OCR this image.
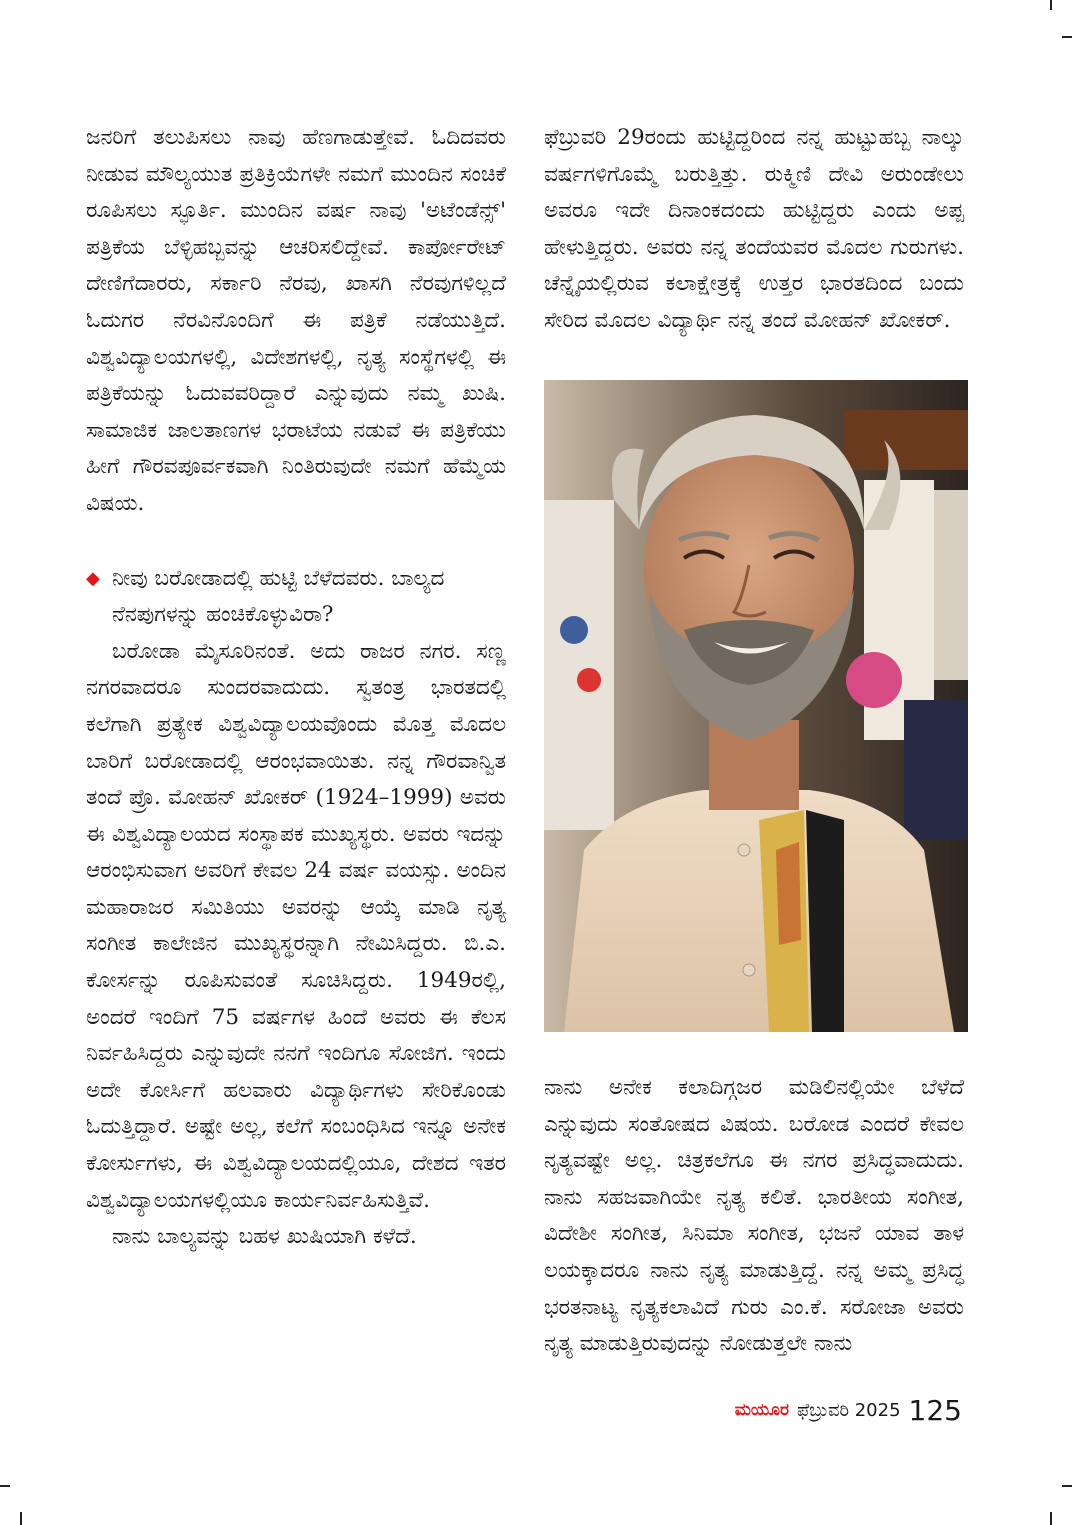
ಜನರಿಗೆ ತಲುಪಿಸಲು ನಾವು ಹೆಣಗಾಡುತ್ತೇವೆ. ಓದಿದವರು ನೀಡುವ ಮೌಲ್ಯಯುತ ಪ್ರತಿಕ್ರಿಯೆಗಳೇ ನಮಗೆ ಮುಂದಿನ ಸಂಚಿಕೆ ರೂಪಿಸಲು ಸ್ಫೂರ್ತಿ. ಮುಂದಿನ ವರ್ಷ ನಾವು 'ಅಟೆಂಡೆನ್ಸ್' ಪತ್ರಿಕೆಯ ಬೆಳ್ಳಿಹಬ್ಬವನ್ನು ಆಚರಿಸಲಿದ್ದೇವೆ. ಕಾರ್ಪೋರೇಟ್ ದೇಣಿಗೆದಾರರು, ಸರ್ಕಾರಿ ನೆರವು, ಖಾಸಗಿ ನೆರವುಗಳಿಲ್ಲದೆ ಓದುಗರ ನೆರವಿನೊಂದಿಗೆ ಈ ಪತ್ರಿಕೆ ನಡೆಯುತ್ತಿದೆ. ವಿಶ್ವವಿದ್ಯಾಲಯಗಳಲ್ಲಿ, ವಿದೇಶಗಳಲ್ಲಿ, ನೃತ್ಯ ಸಂಸ್ಥೆಗಳಲ್ಲಿ ಈ ಪತ್ರಿಕೆಯನ್ನು ಓದುವವರಿದ್ದಾರೆ ಎನ್ನುವುದು ನಮ್ಮ ಖುಷಿ. ಸಾಮಾಜಿಕ ಜಾಲತಾಣಗಳ ಭರಾಟೆಯ ನಡುವೆ ಈ ಪತ್ರಿಕೆಯು ಹೀಗೆ ಗೌರವಪೂರ್ವಕವಾಗಿ ನಿಂತಿರುವುದೇ ನಮಗೆ ಹೆಮ್ಮೆಯ ವಿಷಯ.

◆ ನೀವು ಬರೋಡಾದಲ್ಲಿ ಹುಟ್ಟಿ ಬೆಳೆದವರು. ಬಾಲ್ಯದ ನೆನಪುಗಳನ್ನು ಹಂಚಿಕೊಳ್ಳುವಿರಾ?

ಬರೋಡಾ ಮೈಸೂರಿನಂತೆ. ಅದು ರಾಜರ ನಗರ. ಸಣ್ಣ ನಗರವಾದರೂ ಸುಂದರವಾದುದು. ಸ್ವತಂತ್ರ ಭಾರತದಲ್ಲಿ ಕಲೆಗಾಗಿ ಪ್ರತ್ಯೇಕ ವಿಶ್ವವಿದ್ಯಾಲಯವೊಂದು ಮೊತ್ತ ಮೊದಲ ಬಾರಿಗೆ ಬರೋಡಾದಲ್ಲಿ ಆರಂಭವಾಯಿತು. ನನ್ನ ಗೌರವಾನ್ವಿತ ತಂದೆ ಪ್ರೊ. ಮೋಹನ್ ಖೋಕರ್ (1924–1999) ಅವರು ಈ ವಿಶ್ವವಿದ್ಯಾಲಯದ ಸಂಸ್ಥಾಪಕ ಮುಖ್ಯಸ್ಥರು. ಅವರು ಇದನ್ನು ಆರಂಭಿಸುವಾಗ ಅವರಿಗೆ ಕೇವಲ 24 ವರ್ಷ ವಯಸ್ಸು. ಅಂದಿನ ಮಹಾರಾಜರ ಸಮಿತಿಯು ಅವರನ್ನು ಆಯ್ಕೆ ಮಾಡಿ ನೃತ್ಯ ಸಂಗೀತ ಕಾಲೇಜಿನ ಮುಖ್ಯಸ್ಥರನ್ನಾಗಿ ನೇಮಿಸಿದ್ದರು. ಬಿ.ಎ. ಕೋರ್ಸನ್ನು ರೂಪಿಸುವಂತೆ ಸೂಚಿಸಿದ್ದರು. 1949ರಲ್ಲಿ, ಅಂದರೆ ಇಂದಿಗೆ 75 ವರ್ಷಗಳ ಹಿಂದೆ ಅವರು ಈ ಕೆಲಸ ನಿರ್ವಹಿಸಿದ್ದರು ಎನ್ನುವುದೇ ನನಗೆ ಇಂದಿಗೂ ಸೋಜಿಗ. ಇಂದು ಅದೇ ಕೋರ್ಸಿಗೆ ಹಲವಾರು ವಿದ್ಯಾರ್ಥಿಗಳು ಸೇರಿಕೊಂಡು ಓದುತ್ತಿದ್ದಾರೆ. ಅಷ್ಟೇ ಅಲ್ಲ, ಕಲೆಗೆ ಸಂಬಂಧಿಸಿದ ಇನ್ನೂ ಅನೇಕ ಕೋರ್ಸುಗಳು, ಈ ವಿಶ್ವವಿದ್ಯಾಲಯದಲ್ಲಿಯೂ, ದೇಶದ ಇತರ ವಿಶ್ವವಿದ್ಯಾಲಯಗಳಲ್ಲಿಯೂ ಕಾರ್ಯನಿರ್ವಹಿಸುತ್ತಿವೆ.

ನಾನು ಬಾಲ್ಯವನ್ನು ಬಹಳ ಖುಷಿಯಾಗಿ ಕಳೆದೆ.

ಫೆಬ್ರುವರಿ 29ರಂದು ಹುಟ್ಟಿದ್ದರಿಂದ ನನ್ನ ಹುಟ್ಟುಹಬ್ಬ ನಾಲ್ಕು ವರ್ಷಗಳಿಗೊಮ್ಮೆ ಬರುತ್ತಿತ್ತು. ರುಕ್ಮಿಣಿ ದೇವಿ ಅರುಂಡೇಲು ಅವರೂ ಇದೇ ದಿನಾಂಕದಂದು ಹುಟ್ಟಿದ್ದರು ಎಂದು ಅಪ್ಪ ಹೇಳುತ್ತಿದ್ದರು. ಅವರು ನನ್ನ ತಂದೆಯವರ ಮೊದಲ ಗುರುಗಳು. ಚೆನ್ನೈಯಲ್ಲಿರುವ ಕಲಾಕ್ಷೇತ್ರಕ್ಕೆ ಉತ್ತರ ಭಾರತದಿಂದ ಬಂದು ಸೇರಿದ ಮೊದಲ ವಿದ್ಯಾರ್ಥಿ ನನ್ನ ತಂದೆ ಮೋಹನ್ ಖೋಕರ್.

ನಾನು ಅನೇಕ ಕಲಾದಿಗ್ಗಜರ ಮಡಿಲಿನಲ್ಲಿಯೇ ಬೆಳೆದೆ ಎನ್ನುವುದು ಸಂತೋಷದ ವಿಷಯ. ಬರೋಡ ಎಂದರೆ ಕೇವಲ ನೃತ್ಯವಷ್ಟೇ ಅಲ್ಲ. ಚಿತ್ರಕಲೆಗೂ ಈ ನಗರ ಪ್ರಸಿದ್ಧವಾದುದು. ನಾನು ಸಹಜವಾಗಿಯೇ ನೃತ್ಯ ಕಲಿತೆ. ಭಾರತೀಯ ಸಂಗೀತ, ವಿದೇಶೀ ಸಂಗೀತ, ಸಿನಿಮಾ ಸಂಗೀತ, ಭಜನೆ ಯಾವ ತಾಳ ಲಯಕ್ಕಾದರೂ ನಾನು ನೃತ್ಯ ಮಾಡುತ್ತಿದ್ದೆ. ನನ್ನ ಅಮ್ಮ ಪ್ರಸಿದ್ಧ ಭರತನಾಟ್ಯ ನೃತ್ಯಕಲಾವಿದೆ ಗುರು ಎಂ.ಕೆ. ಸರೋಜಾ ಅವರು ನೃತ್ಯ ಮಾಡುತ್ತಿರುವುದನ್ನು ನೋಡುತ್ತಲೇ ನಾನು

ಮಯೂರ ಫೆಬ್ರುವರಿ 2025 125
